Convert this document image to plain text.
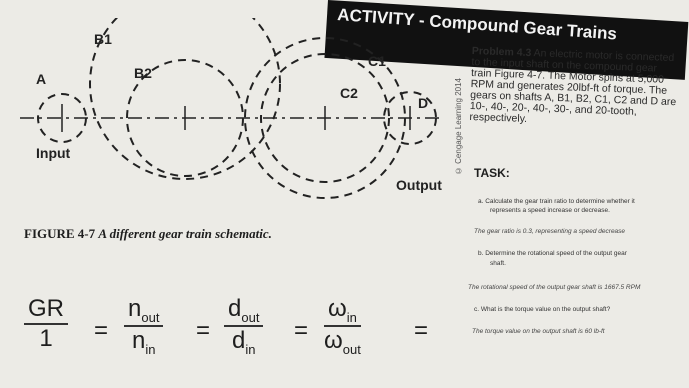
ACTIVITY - Compound Gear Trains
B1
B2
C1
C2
A
D
Input
Output
© Cengage Learning 2014
Problem 4.3 An electric motor is connected to the input shaft on the compound gear train Figure 4-7. The Motor spins at 5,000 RPM and generates 20lbf-ft of torque. The gears on shafts A, B1, B2, C1, C2 and D are 10-, 40-, 20-, 40-, 30-, and 20-tooth, respectively.
TASK:
a. Calculate the gear train ratio to determine whether it
represents a speed increase or decrease.
The gear ratio is 0.3, representing a speed decrease
b. Determine the rotational speed of the output gear
shaft.
The rotational speed of the output gear shaft is 1667.5 RPM
c. What is the torque value on the output shaft?
The torque value on the output shaft is 60 lb-ft
FIGURE 4-7 A different gear train schematic.
$\frac{GR}{1}$ =
$n_{out}$
$n_{in}$
=
$d_{out}$
$d_{in}$
=
$\omega_{in}$
$\omega_{out}$
=
